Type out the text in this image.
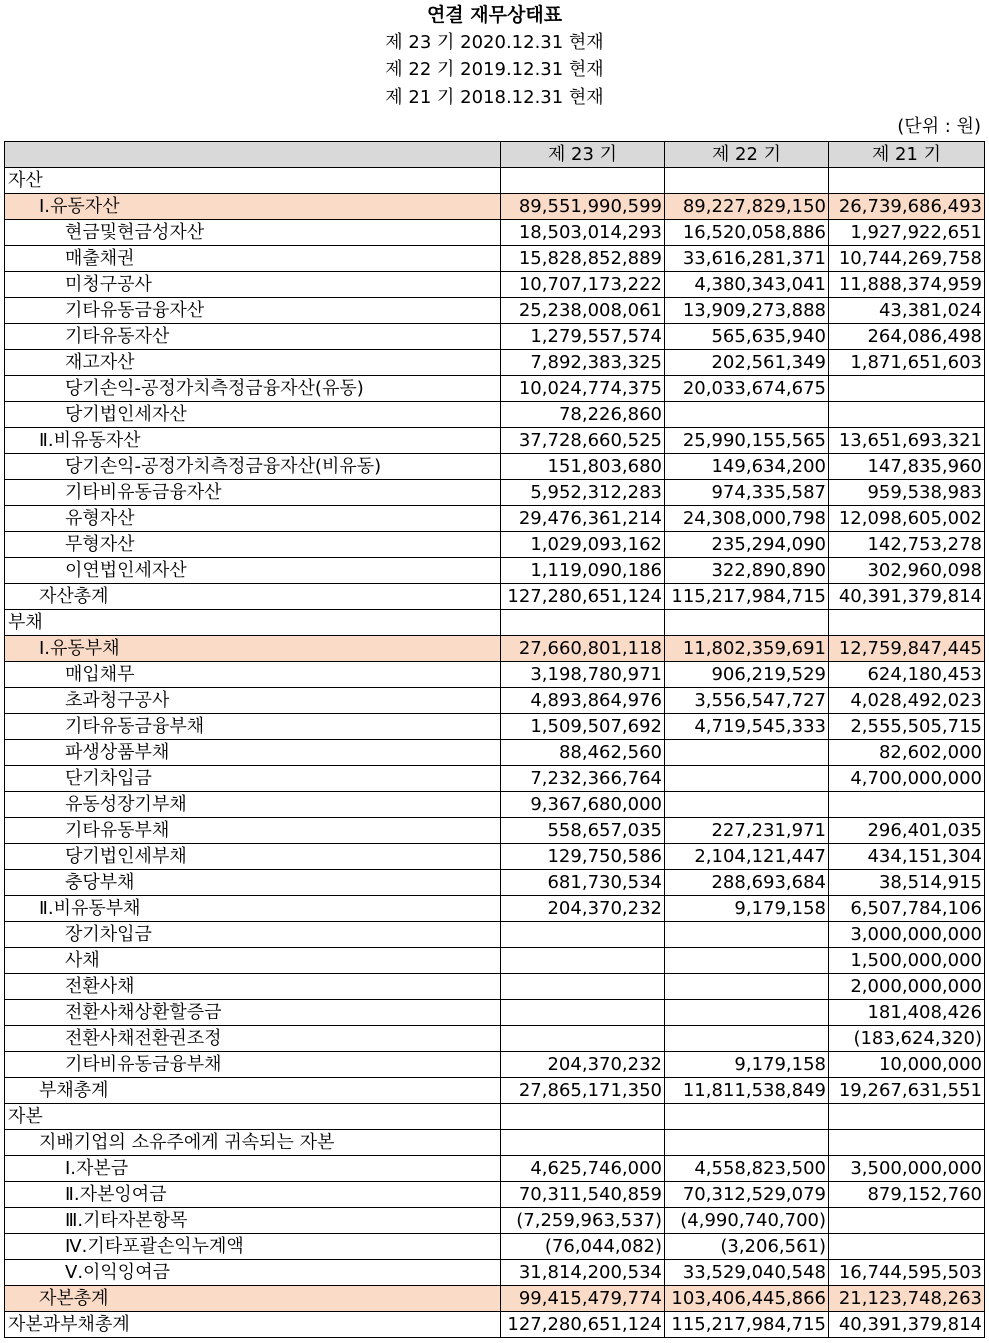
연결 재무상태표
제 23 기 2020.12.31 현재
제 22 기 2019.12.31 현재
제 21 기 2018.12.31 현재
(단위 : 원)
	제 23 기	제 22 기	제 21 기
자산			
Ⅰ.유동자산	89,551,990,599	89,227,829,150	26,739,686,493
현금및현금성자산	18,503,014,293	16,520,058,886	1,927,922,651
매출채권	15,828,852,889	33,616,281,371	10,744,269,758
미청구공사	10,707,173,222	4,380,343,041	11,888,374,959
기타유동금융자산	25,238,008,061	13,909,273,888	43,381,024
기타유동자산	1,279,557,574	565,635,940	264,086,498
재고자산	7,892,383,325	202,561,349	1,871,651,603
당기손익-공정가치측정금융자산(유동)	10,024,774,375	20,033,674,675	
당기법인세자산	78,226,860		
Ⅱ.비유동자산	37,728,660,525	25,990,155,565	13,651,693,321
당기손익-공정가치측정금융자산(비유동)	151,803,680	149,634,200	147,835,960
기타비유동금융자산	5,952,312,283	974,335,587	959,538,983
유형자산	29,476,361,214	24,308,000,798	12,098,605,002
무형자산	1,029,093,162	235,294,090	142,753,278
이연법인세자산	1,119,090,186	322,890,890	302,960,098
자산총계	127,280,651,124	115,217,984,715	40,391,379,814
부채			
Ⅰ.유동부채	27,660,801,118	11,802,359,691	12,759,847,445
매입채무	3,198,780,971	906,219,529	624,180,453
초과청구공사	4,893,864,976	3,556,547,727	4,028,492,023
기타유동금융부채	1,509,507,692	4,719,545,333	2,555,505,715
파생상품부채	88,462,560		82,602,000
단기차입금	7,232,366,764		4,700,000,000
유동성장기부채	9,367,680,000		
기타유동부채	558,657,035	227,231,971	296,401,035
당기법인세부채	129,750,586	2,104,121,447	434,151,304
충당부채	681,730,534	288,693,684	38,514,915
Ⅱ.비유동부채	204,370,232	9,179,158	6,507,784,106
장기차입금			3,000,000,000
사채			1,500,000,000
전환사채			2,000,000,000
전환사채상환할증금			181,408,426
전환사채전환권조정			(183,624,320)
기타비유동금융부채	204,370,232	9,179,158	10,000,000
부채총계	27,865,171,350	11,811,538,849	19,267,631,551
자본			
지배기업의 소유주에게 귀속되는 자본			
Ⅰ.자본금	4,625,746,000	4,558,823,500	3,500,000,000
Ⅱ.자본잉여금	70,311,540,859	70,312,529,079	879,152,760
Ⅲ.기타자본항목	(7,259,963,537)	(4,990,740,700)	
Ⅳ.기타포괄손익누계액	(76,044,082)	(3,206,561)	
Ⅴ.이익잉여금	31,814,200,534	33,529,040,548	16,744,595,503
자본총계	99,415,479,774	103,406,445,866	21,123,748,263
자본과부채총계	127,280,651,124	115,217,984,715	40,391,379,814
